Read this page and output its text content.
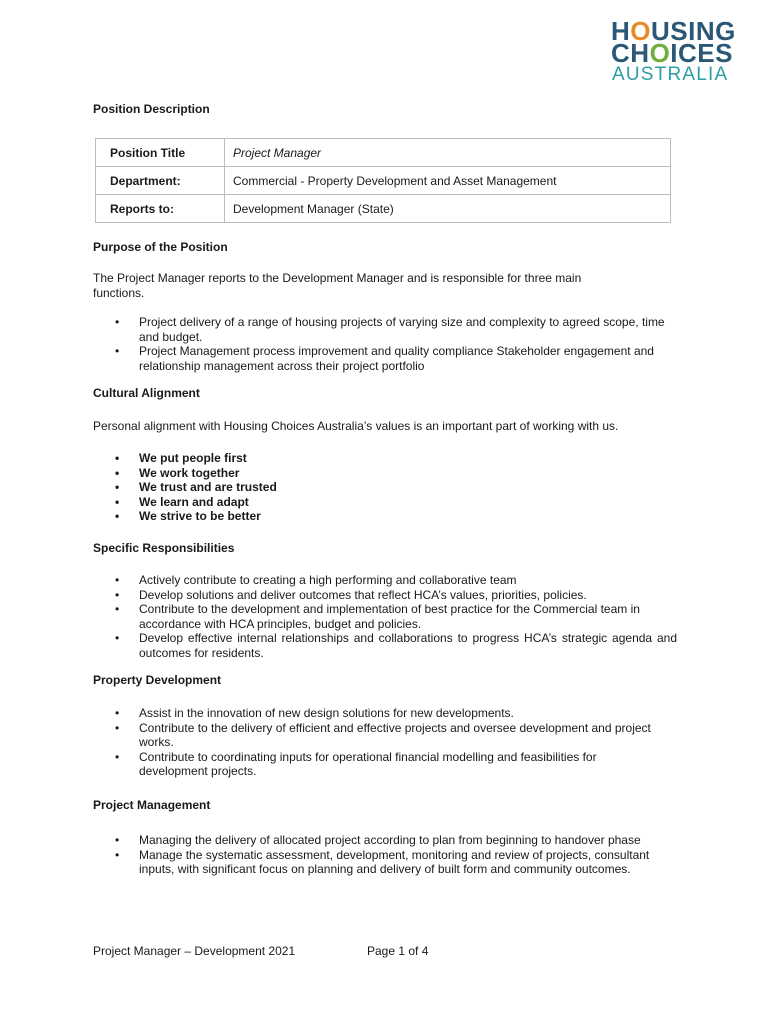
HOUSING
CHOICES
AUSTRALIA
Position Description
Position Title	Project Manager
Department:	Commercial - Property Development and Asset Management
Reports to:	Development Manager (State)
Purpose of the Position

The Project Manager reports to the Development Manager and is responsible for three main functions.

• Project delivery of a range of housing projects of varying size and complexity to agreed scope, time and budget.
• Project Management process improvement and quality compliance Stakeholder engagement and relationship management across their project portfolio
Cultural Alignment

Personal alignment with Housing Choices Australia’s values is an important part of working with us.

• We put people first
• We work together
• We trust and are trusted
• We learn and adapt
• We strive to be better
Specific Responsibilities
• Actively contribute to creating a high performing and collaborative team
• Develop solutions and deliver outcomes that reflect HCA’s values, priorities, policies.
• Contribute to the development and implementation of best practice for the Commercial team in accordance with HCA principles, budget and policies.
• Develop effective internal relationships and collaborations to progress HCA’s strategic agenda and outcomes for residents.
Property Development
• Assist in the innovation of new design solutions for new developments.
• Contribute to the delivery of efficient and effective projects and oversee development and project works.
• Contribute to coordinating inputs for operational financial modelling and feasibilities for development projects.
Project Management
• Managing the delivery of allocated project according to plan from beginning to handover phase
• Manage the systematic assessment, development, monitoring and review of projects, consultant inputs, with significant focus on planning and delivery of built form and community outcomes.
Project Manager – Development 2021	Page 1 of 4
